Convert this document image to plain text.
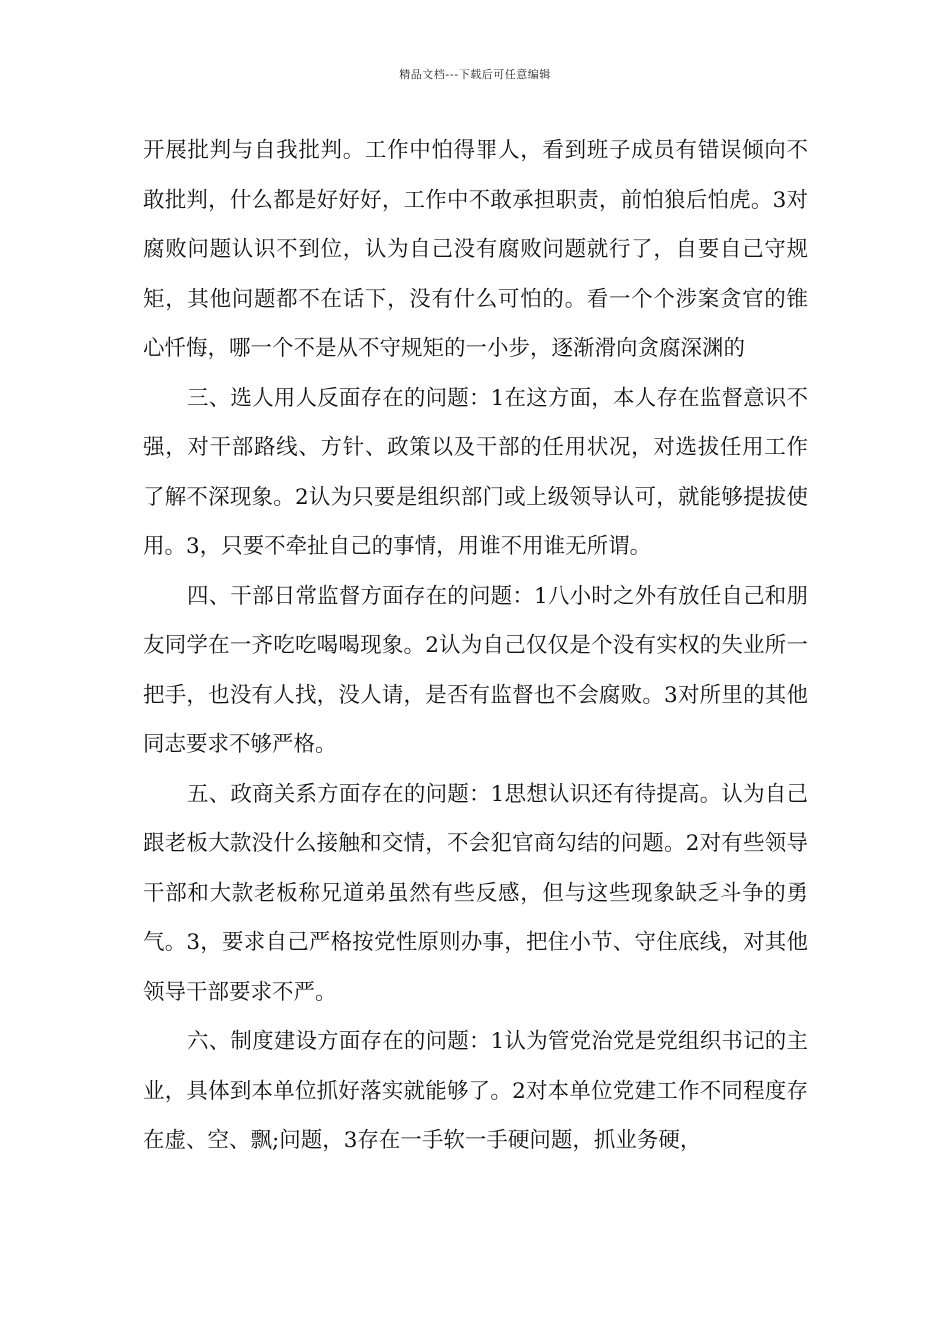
精品文档---下载后可任意编辑

开展批判与自我批判。工作中怕得罪人，看到班子成员有错误倾向不敢批判，什么都是好好好，工作中不敢承担职责，前怕狼后怕虎。3对腐败问题认识不到位，认为自己没有腐败问题就行了，自要自己守规矩，其他问题都不在话下，没有什么可怕的。看一个个涉案贪官的锥心忏悔，哪一个不是从不守规矩的一小步，逐渐滑向贪腐深渊的

三、选人用人反面存在的问题：1在这方面，本人存在监督意识不强，对干部路线、方针、政策以及干部的任用状况，对选拔任用工作了解不深现象。2认为只要是组织部门或上级领导认可，就能够提拔使用。3，只要不牵扯自己的事情，用谁不用谁无所谓。

四、干部日常监督方面存在的问题：1八小时之外有放任自己和朋友同学在一齐吃吃喝喝现象。2认为自己仅仅是个没有实权的失业所一把手，也没有人找，没人请，是否有监督也不会腐败。3对所里的其他同志要求不够严格。

五、政商关系方面存在的问题：1思想认识还有待提高。认为自己跟老板大款没什么接触和交情，不会犯官商勾结的问题。2对有些领导干部和大款老板称兄道弟虽然有些反感，但与这些现象缺乏斗争的勇气。3，要求自己严格按党性原则办事，把住小节、守住底线，对其他领导干部要求不严。

六、制度建设方面存在的问题：1认为管党治党是党组织书记的主业，具体到本单位抓好落实就能够了。2对本单位党建工作不同程度存在虚、空、飘;问题，3存在一手软一手硬问题，抓业务硬，
